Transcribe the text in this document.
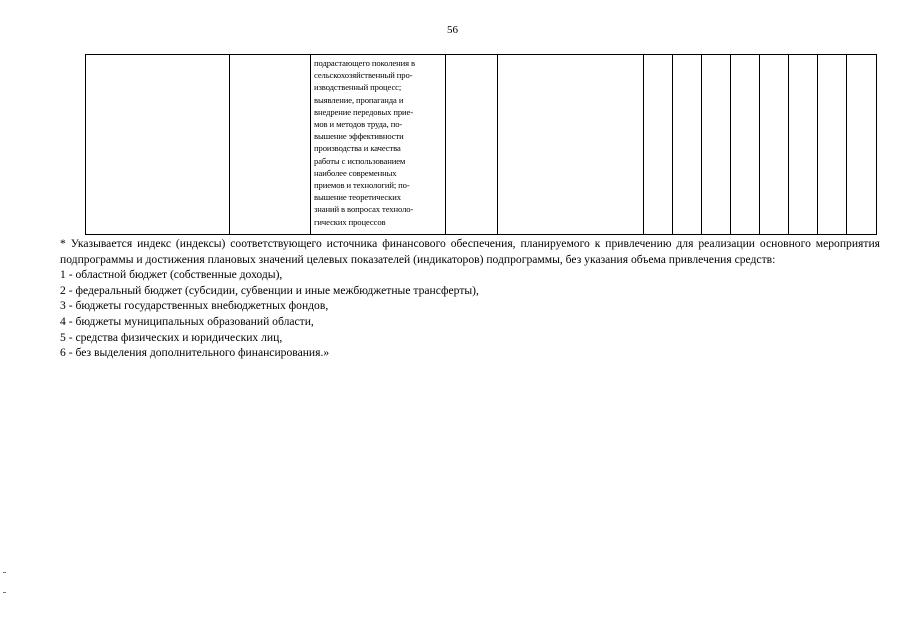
56

подрастающего поколения в
сельскохозяйственный про-
изводственный процесс;
выявление, пропаганда и
внедрение передовых прие-
мов и методов труда, по-
вышение эффективности
производства и качества
работы с использованием
наиболее современных
приемов и технологий; по-
вышение теоретических
знаний в вопросах техноло-
гических процессов

* Указывается индекс (индексы) соответствующего источника финансового обеспечения, планируемого к привлечению для реализации основного мероприятия подпрограммы и достижения плановых значений целевых показателей (индикаторов) подпрограммы, без указания объема привлечения средств:

1 - областной бюджет (собственные доходы),

2 - федеральный бюджет (субсидии, субвенции и иные межбюджетные трансферты),

3 - бюджеты государственных внебюджетных фондов,

4 - бюджеты муниципальных образований области,

5 - средства физических и юридических лиц,

6 - без выделения дополнительного финансирования.»
